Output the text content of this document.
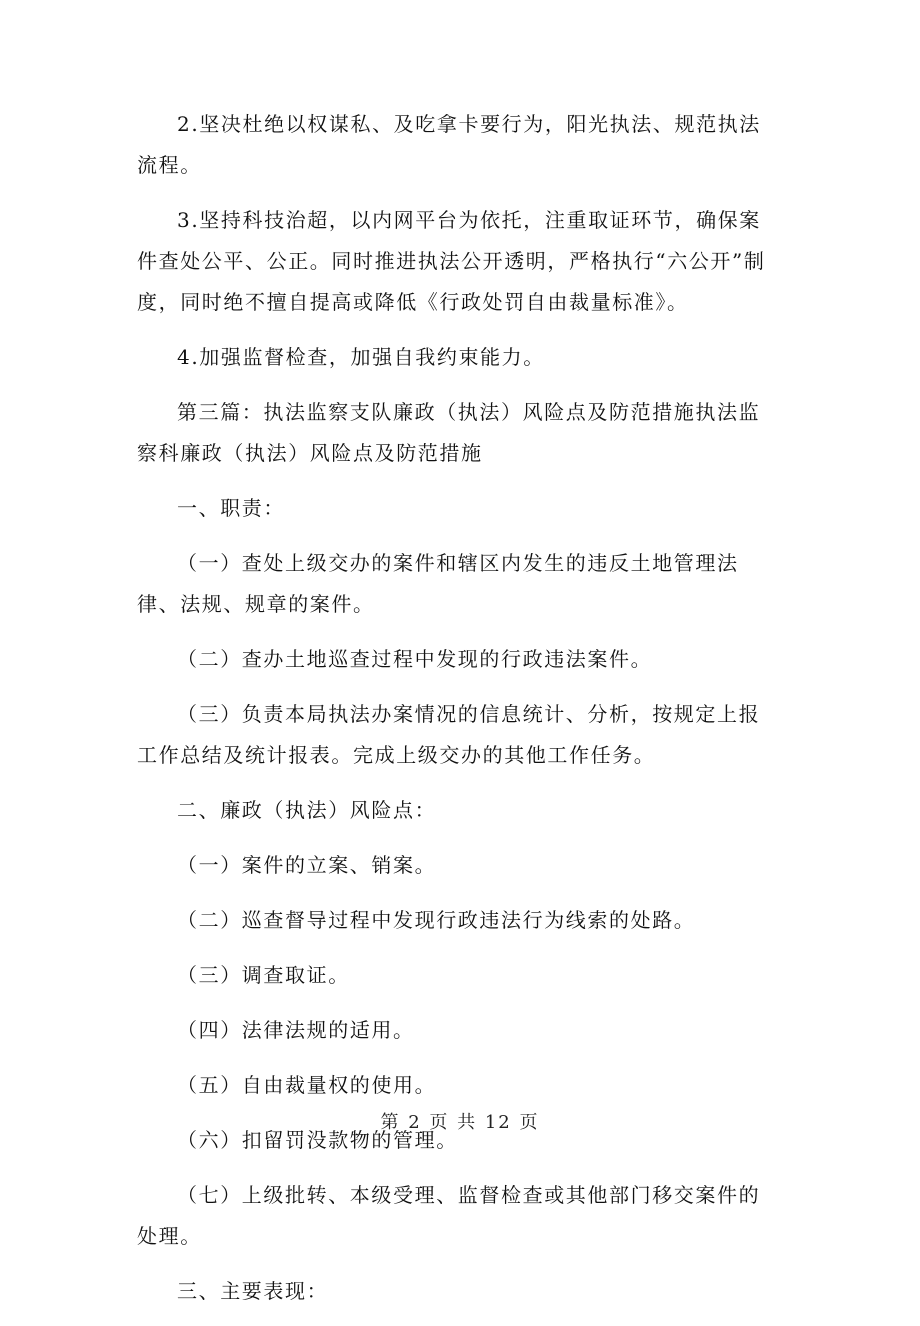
2.坚决杜绝以权谋私、及吃拿卡要行为，阳光执法、规范执法流程。

3.坚持科技治超，以内网平台为依托，注重取证环节，确保案件查处公平、公正。同时推进执法公开透明，严格执行“六公开”制度，同时绝不擅自提高或降低《行政处罚自由裁量标准》。

4.加强监督检查，加强自我约束能力。

第三篇：执法监察支队廉政（执法）风险点及防范措施执法监察科廉政（执法）风险点及防范措施

一、职责：

（一）查处上级交办的案件和辖区内发生的违反土地管理法律、法规、规章的案件。

（二）查办土地巡查过程中发现的行政违法案件。

（三）负责本局执法办案情况的信息统计、分析，按规定上报工作总结及统计报表。完成上级交办的其他工作任务。

二、廉政（执法）风险点：

（一）案件的立案、销案。

（二）巡查督导过程中发现行政违法行为线索的处路。

（三）调查取证。

（四）法律法规的适用。

（五）自由裁量权的使用。

（六）扣留罚没款物的管理。

（七）上级批转、本级受理、监督检查或其他部门移交案件的处理。

三、主要表现：

第 2 页 共 12 页
